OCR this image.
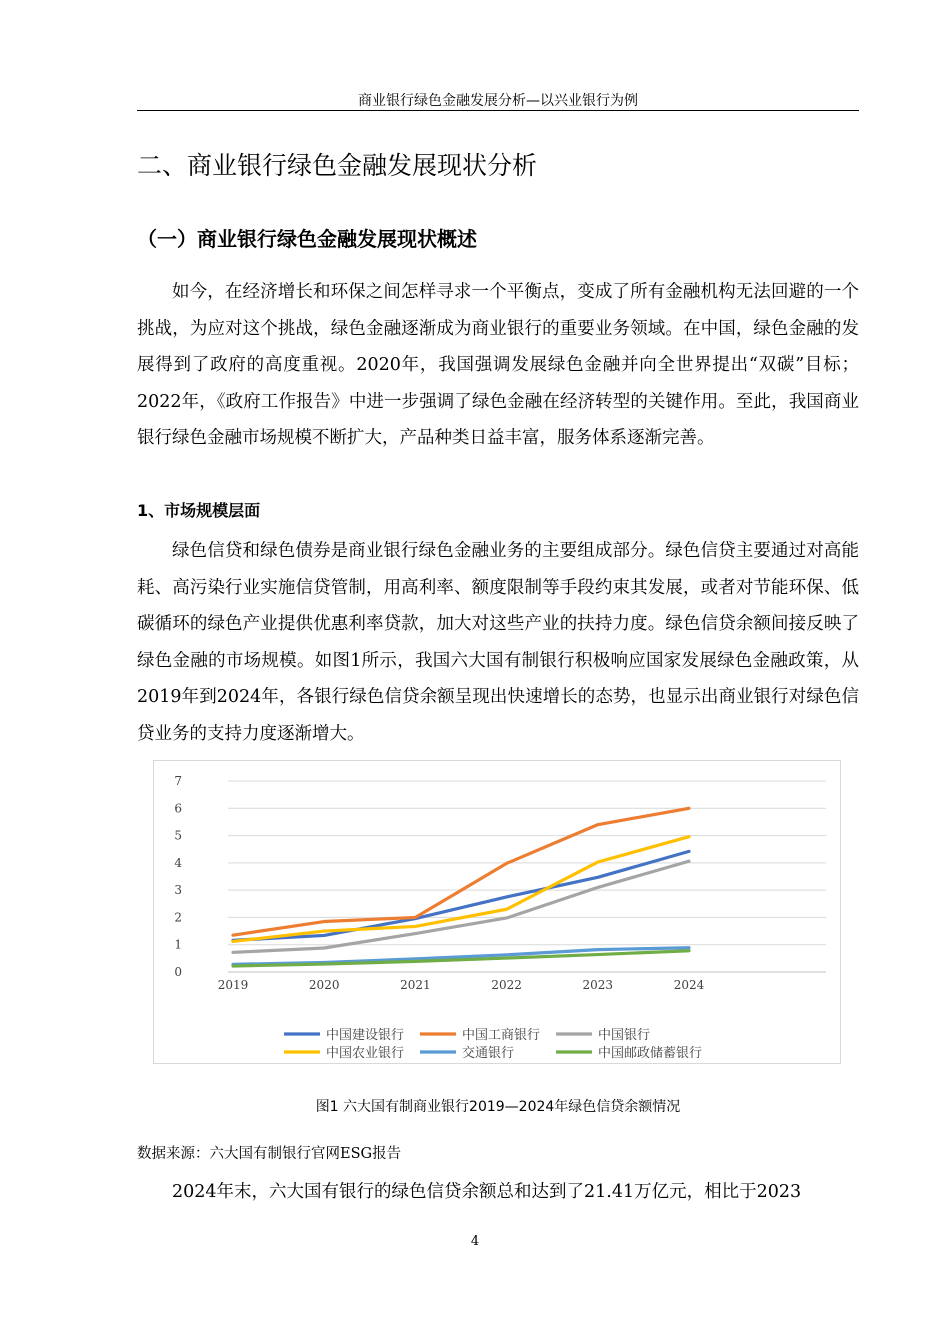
商业银行绿色金融发展分析—以兴业银行为例
二、商业银行绿色金融发展现状分析
（一）商业银行绿色金融发展现状概述

如今，在经济增长和环保之间怎样寻求一个平衡点，变成了所有金融机构无法回避的一个挑战，为应对这个挑战，绿色金融逐渐成为商业银行的重要业务领域。在中国，绿色金融的发展得到了政府的高度重视。2020年，我国强调发展绿色金融并向全世界提出“双碳”目标；2022年，《政府工作报告》中进一步强调了绿色金融在经济转型的关键作用。至此，我国商业银行绿色金融市场规模不断扩大，产品种类日益丰富，服务体系逐渐完善。

1、市场规模层面

绿色信贷和绿色债券是商业银行绿色金融业务的主要组成部分。绿色信贷主要通过对高能耗、高污染行业实施信贷管制，用高利率、额度限制等手段约束其发展，或者对节能环保、低碳循环的绿色产业提供优惠利率贷款，加大对这些产业的扶持力度。绿色信贷余额间接反映了绿色金融的市场规模。如图1所示，我国六大国有制银行积极响应国家发展绿色金融政策，从2019年到2024年，各银行绿色信贷余额呈现出快速增长的态势，也显示出商业银行对绿色信贷业务的支持力度逐渐增大。

0
1
2
3
4
5
6
7
2019	2020	2021	2022	2023	2024
中国建设银行	中国工商银行	中国银行
中国农业银行	交通银行	中国邮政储蓄银行
图1 六大国有制商业银行2019—2024年绿色信贷余额情况
数据来源：六大国有制银行官网ESG报告

2024年末，六大国有银行的绿色信贷余额总和达到了21.41万亿元，相比于2023

4
